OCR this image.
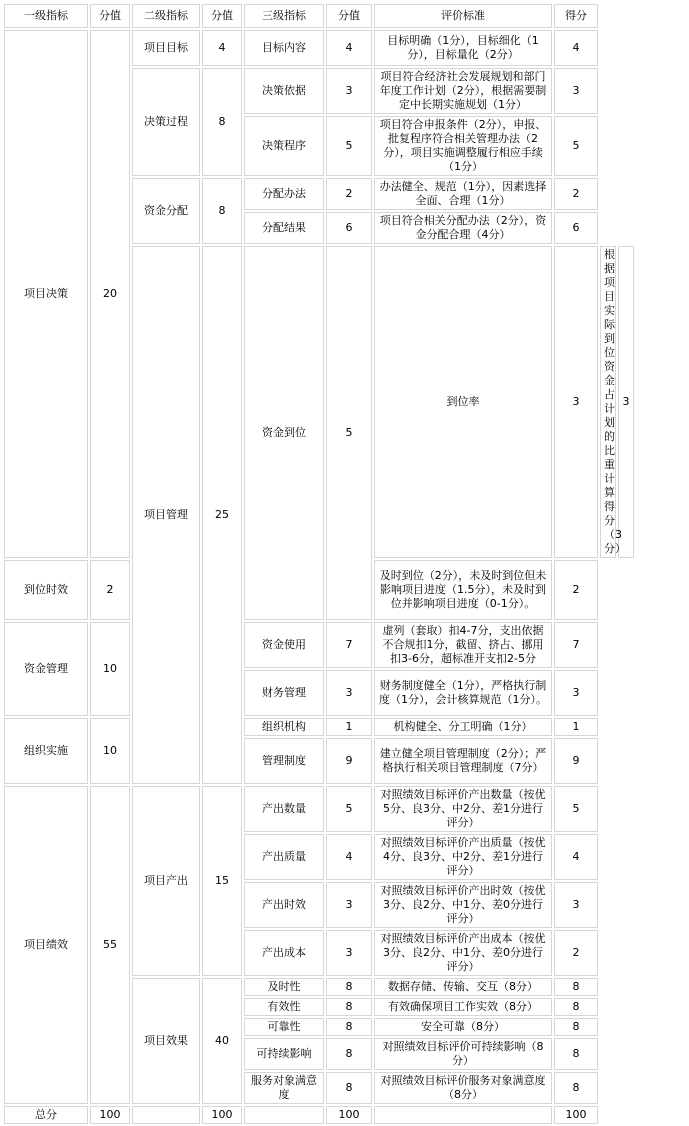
一级指标	分值	二级指标	分值	三级指标	分值	评价标准	得分		
项目决策	20	项目目标	4	目标内容	4	目标明确（1分），目标细化（1分），目标量化（2分）	4		
		决策过程	8	决策依据	3	项目符合经济社会发展规划和部门年度工作计划（2分），根据需要制定中长期实施规划（1分）	3		
				决策程序	5	项目符合申报条件（2分），申报、批复程序符合相关管理办法（2分），项目实施调整履行相应手续（1分）	5		
		资金分配	8	分配办法	2	办法健全、规范（1分），因素选择全面、合理（1分）	2		
				分配结果	6	项目符合相关分配办法（2分），资金分配合理（4分）	6		
		项目管理	25	资金到位	5	到位率	3	根据项目实际到位资金占计划的比重计算得分（3分）	3
到位时效	2					及时到位（2分），未及时到位但未影响项目进度（1.5分），未及时到位并影响项目进度（0-1分）。	2		
资金管理	10			资金使用	7	虚列（套取）扣4-7分，支出依据不合规扣1分，截留、挤占、挪用扣3-6分，超标准开支扣2-5分	7		
				财务管理	3	财务制度健全（1分），严格执行制度（1分），会计核算规范（1分）。	3		
组织实施	10			组织机构	1	机构健全、分工明确（1分）	1		
				管理制度	9	建立健全项目管理制度（2分）；严格执行相关项目管理制度（7分）	9		
项目绩效	55	项目产出	15	产出数量	5	对照绩效目标评价产出数量（按优5分、良3分、中2分、差1分进行评分）	5		
				产出质量	4	对照绩效目标评价产出质量（按优4分、良3分、中2分、差1分进行评分）	4		
				产出时效	3	对照绩效目标评价产出时效（按优3分、良2分、中1分、差0分进行评分）	3		
				产出成本	3	对照绩效目标评价产出成本（按优3分、良2分、中1分、差0分进行评分）	2		
		项目效果	40	及时性	8	数据存储、传输、交互（8分）	8		
				有效性	8	有效确保项目工作实效（8分）	8		
				可靠性	8	安全可靠（8分）	8		
				可持续影响	8	对照绩效目标评价可持续影响（8分）	8		
				服务对象满意度	8	对照绩效目标评价服务对象满意度（8分）	8		
总分	100		100		100		100		
